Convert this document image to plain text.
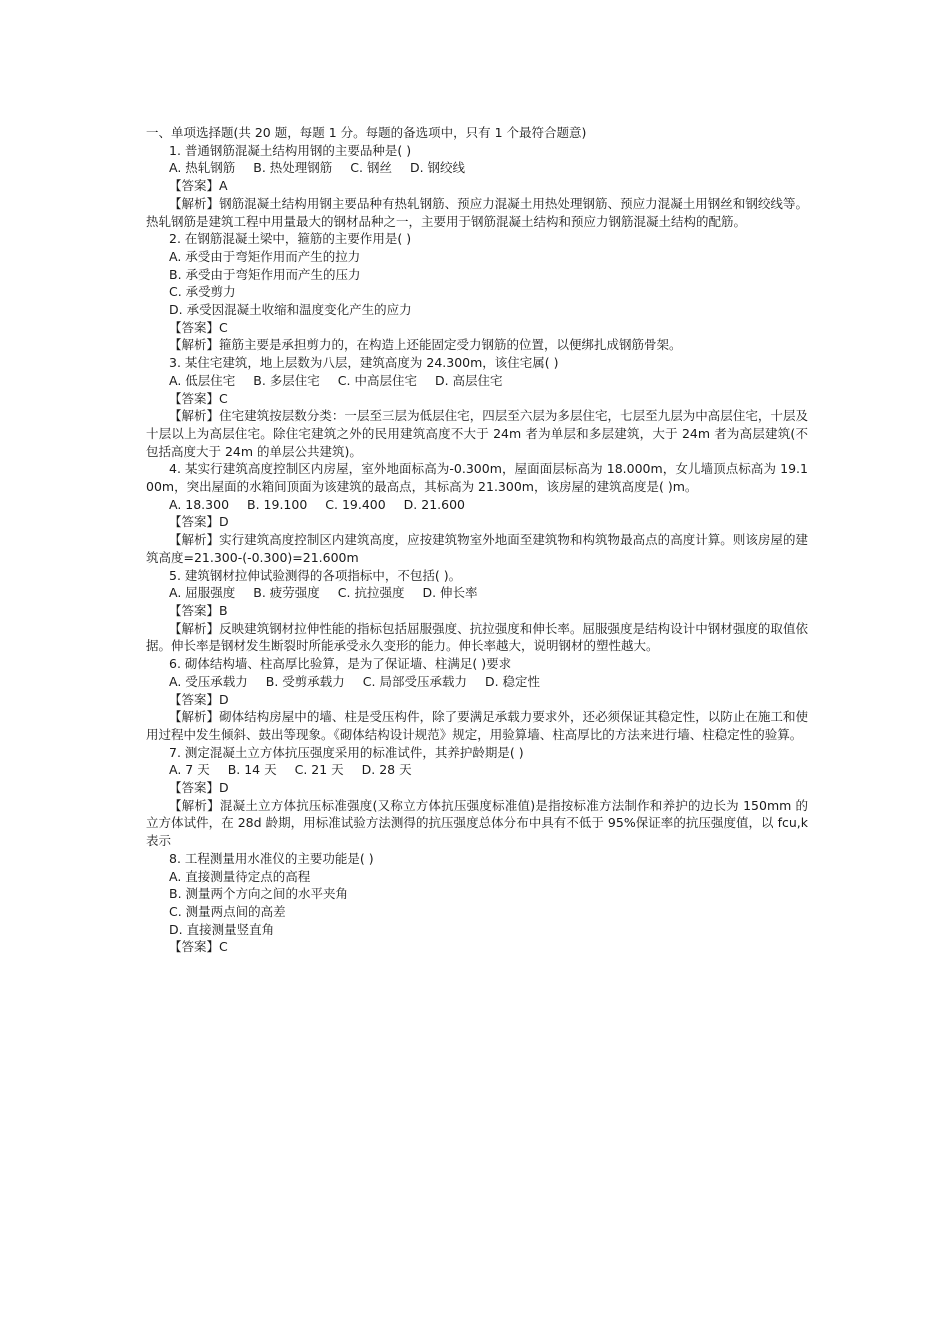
一、单项选择题(共 20 题，每题 1 分。每题的备选项中，只有 1 个最符合题意)

1. 普通钢筋混凝土结构用钢的主要品种是( )

A. 热轧钢筋 B. 热处理钢筋 C. 钢丝 D. 钢绞线

【答案】A

【解析】钢筋混凝土结构用钢主要品种有热轧钢筋、预应力混凝土用热处理钢筋、预应力混凝土用钢丝和钢绞线等。热轧钢筋是建筑工程中用量最大的钢材品种之一，主要用于钢筋混凝土结构和预应力钢筋混凝土结构的配筋。

2. 在钢筋混凝土梁中，箍筋的主要作用是( )

A. 承受由于弯矩作用而产生的拉力

B. 承受由于弯矩作用而产生的压力

C. 承受剪力

D. 承受因混凝土收缩和温度变化产生的应力

【答案】C

【解析】箍筋主要是承担剪力的，在构造上还能固定受力钢筋的位置，以便绑扎成钢筋骨架。

3. 某住宅建筑，地上层数为八层，建筑高度为 24.300m，该住宅属( )

A. 低层住宅 B. 多层住宅 C. 中高层住宅 D. 高层住宅

【答案】C

【解析】住宅建筑按层数分类：一层至三层为低层住宅，四层至六层为多层住宅，七层至九层为中高层住宅，十层及十层以上为高层住宅。除住宅建筑之外的民用建筑高度不大于 24m 者为单层和多层建筑，大于 24m 者为高层建筑(不包括高度大于 24m 的单层公共建筑)。

4. 某实行建筑高度控制区内房屋，室外地面标高为-0.300m，屋面面层标高为 18.000m，女儿墙顶点标高为 19.100m，突出屋面的水箱间顶面为该建筑的最高点，其标高为 21.300m，该房屋的建筑高度是( )m。

A. 18.300 B. 19.100 C. 19.400 D. 21.600

【答案】D

【解析】实行建筑高度控制区内建筑高度，应按建筑物室外地面至建筑物和构筑物最高点的高度计算。则该房屋的建筑高度=21.300-(-0.300)=21.600m

5. 建筑钢材拉伸试验测得的各项指标中，不包括( )。

A. 屈服强度 B. 疲劳强度 C. 抗拉强度 D. 伸长率

【答案】B

【解析】反映建筑钢材拉伸性能的指标包括屈服强度、抗拉强度和伸长率。屈服强度是结构设计中钢材强度的取值依据。伸长率是钢材发生断裂时所能承受永久变形的能力。伸长率越大，说明钢材的塑性越大。

6. 砌体结构墙、柱高厚比验算，是为了保证墙、柱满足( )要求

A. 受压承载力 B. 受剪承载力 C. 局部受压承载力 D. 稳定性

【答案】D

【解析】砌体结构房屋中的墙、柱是受压构件，除了要满足承载力要求外，还必须保证其稳定性，以防止在施工和使用过程中发生倾斜、鼓出等现象。《砌体结构设计规范》规定，用验算墙、柱高厚比的方法来进行墙、柱稳定性的验算。

7. 测定混凝土立方体抗压强度采用的标准试件，其养护龄期是( )

A. 7 天 B. 14 天 C. 21 天 D. 28 天

【答案】D

【解析】混凝土立方体抗压标准强度(又称立方体抗压强度标准值)是指按标准方法制作和养护的边长为 150mm 的立方体试件，在 28d 龄期，用标准试验方法测得的抗压强度总体分布中具有不低于 95%保证率的抗压强度值，以 fcu,k 表示

8. 工程测量用水准仪的主要功能是( )

A. 直接测量待定点的高程

B. 测量两个方向之间的水平夹角

C. 测量两点间的高差

D. 直接测量竖直角

【答案】C
